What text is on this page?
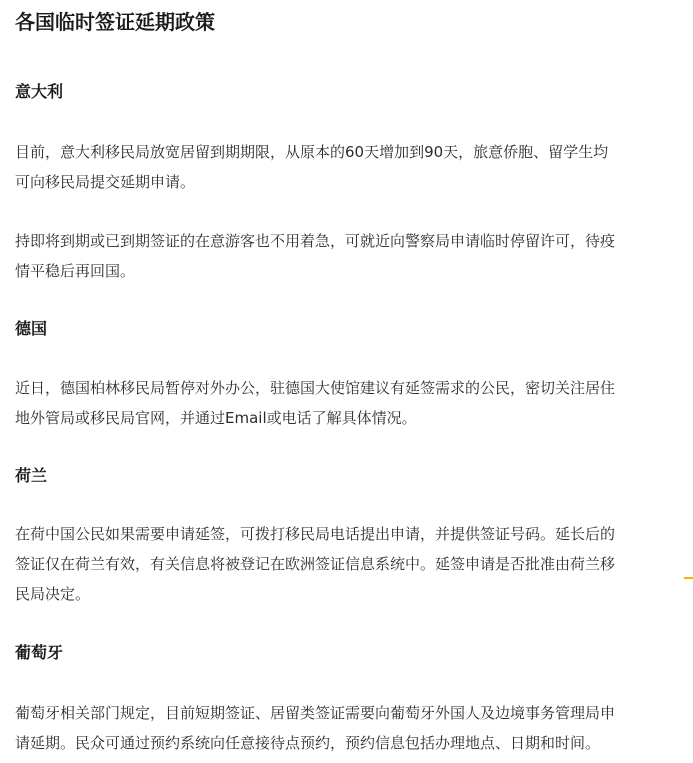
各国临时签证延期政策
意大利

目前，意大利移民局放宽居留到期期限，从原本的60天增加到90天，旅意侨胞、留学生均
可向移民局提交延期申请。

持即将到期或已到期签证的在意游客也不用着急，可就近向警察局申请临时停留许可，待疫
情平稳后再回国。

德国

近日，德国柏林移民局暂停对外办公，驻德国大使馆建议有延签需求的公民，密切关注居住
地外管局或移民局官网，并通过Email或电话了解具体情况。

荷兰

在荷中国公民如果需要申请延签，可拨打移民局电话提出申请，并提供签证号码。延长后的
签证仅在荷兰有效，有关信息将被登记在欧洲签证信息系统中。延签申请是否批准由荷兰移
民局决定。

葡萄牙

葡萄牙相关部门规定，目前短期签证、居留类签证需要向葡萄牙外国人及边境事务管理局申
请延期。民众可通过预约系统向任意接待点预约，预约信息包括办理地点、日期和时间。
